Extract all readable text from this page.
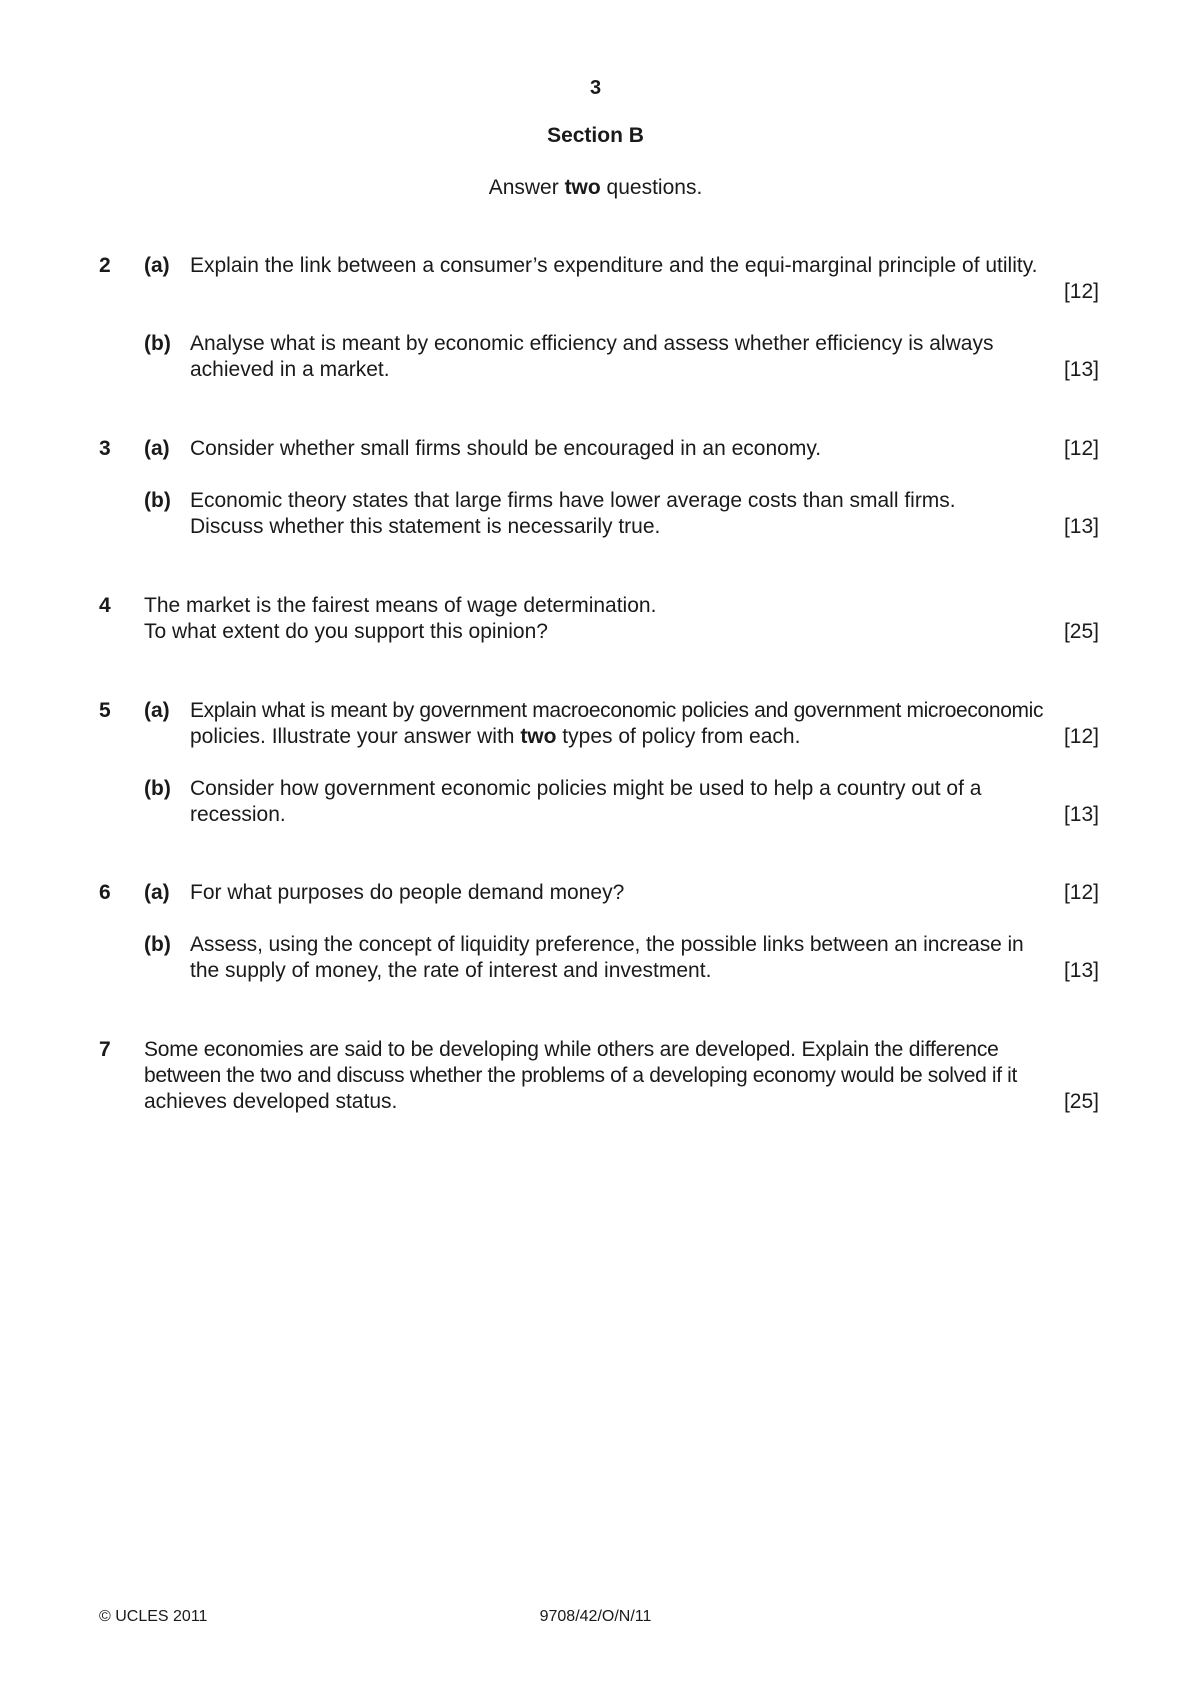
3
Section B
Answer two questions.
2	(a) Explain the link between a consumer’s expenditure and the equi-marginal principle of utility.
[12]
(b) Analyse what is meant by economic efficiency and assess whether efficiency is always
achieved in a market.	[13]
3	(a) Consider whether small firms should be encouraged in an economy.	[12]
(b) Economic theory states that large firms have lower average costs than small firms.
Discuss whether this statement is necessarily true.	[13]
4	The market is the fairest means of wage determination.
To what extent do you support this opinion?	[25]
5	(a) Explain what is meant by government macroeconomic policies and government microeconomic
policies. Illustrate your answer with two types of policy from each.	[12]
(b) Consider how government economic policies might be used to help a country out of a
recession.	[13]
6	(a) For what purposes do people demand money?	[12]
(b) Assess, using the concept of liquidity preference, the possible links between an increase in
the supply of money, the rate of interest and investment.	[13]
7	Some economies are said to be developing while others are developed. Explain the difference
between the two and discuss whether the problems of a developing economy would be solved if it
achieves developed status.	[25]
© UCLES 2011	9708/42/O/N/11
